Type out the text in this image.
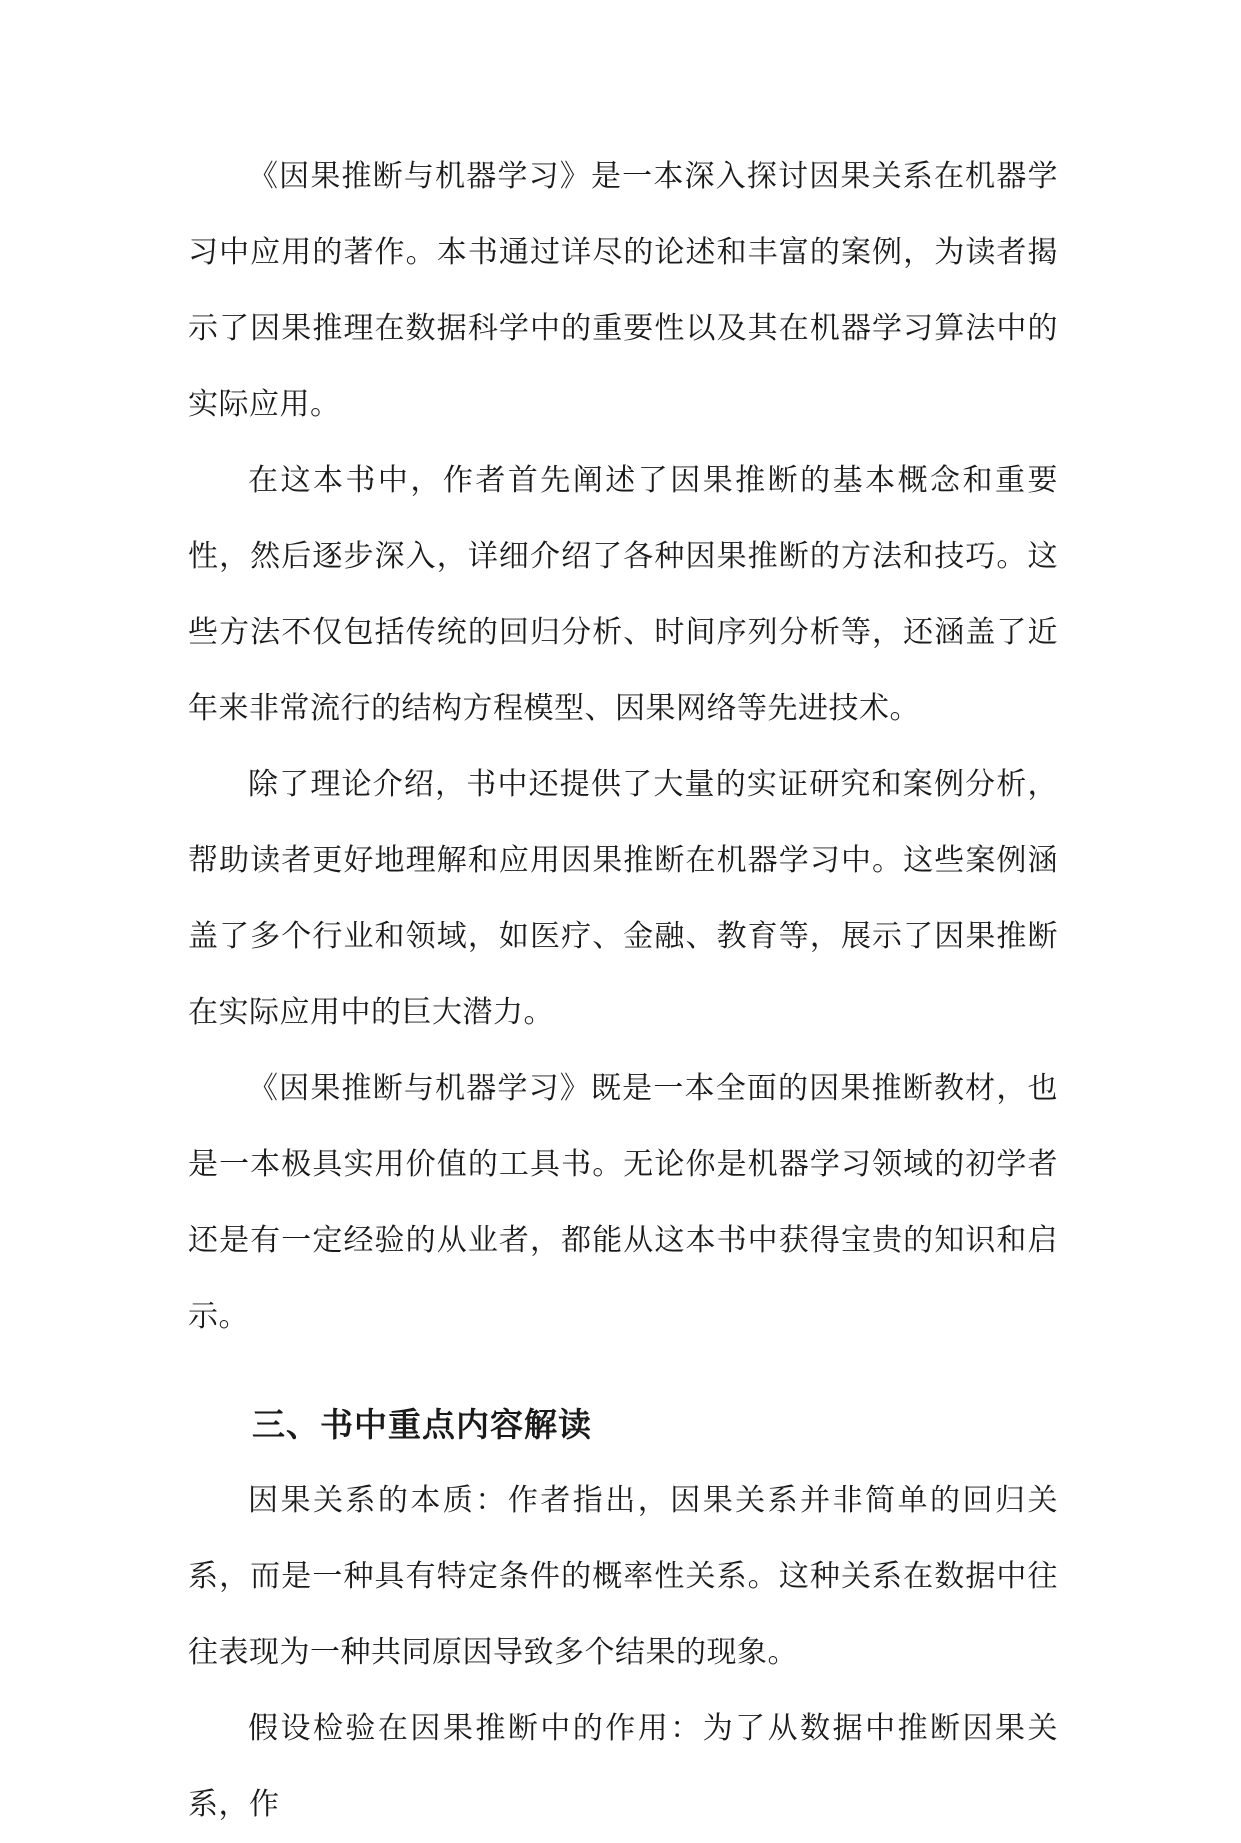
《因果推断与机器学习》是一本深入探讨因果关系在机器学习中应用的著作。本书通过详尽的论述和丰富的案例，为读者揭示了因果推理在数据科学中的重要性以及其在机器学习算法中的实际应用。

在这本书中，作者首先阐述了因果推断的基本概念和重要性，然后逐步深入，详细介绍了各种因果推断的方法和技巧。这些方法不仅包括传统的回归分析、时间序列分析等，还涵盖了近年来非常流行的结构方程模型、因果网络等先进技术。

除了理论介绍，书中还提供了大量的实证研究和案例分析，帮助读者更好地理解和应用因果推断在机器学习中。这些案例涵盖了多个行业和领域，如医疗、金融、教育等，展示了因果推断在实际应用中的巨大潜力。

《因果推断与机器学习》既是一本全面的因果推断教材，也是一本极具实用价值的工具书。无论你是机器学习领域的初学者还是有一定经验的从业者，都能从这本书中获得宝贵的知识和启示。

三、书中重点内容解读

因果关系的本质：作者指出，因果关系并非简单的回归关系，而是一种具有特定条件的概率性关系。这种关系在数据中往往表现为一种共同原因导致多个结果的现象。

假设检验在因果推断中的作用：为了从数据中推断因果关系，作
